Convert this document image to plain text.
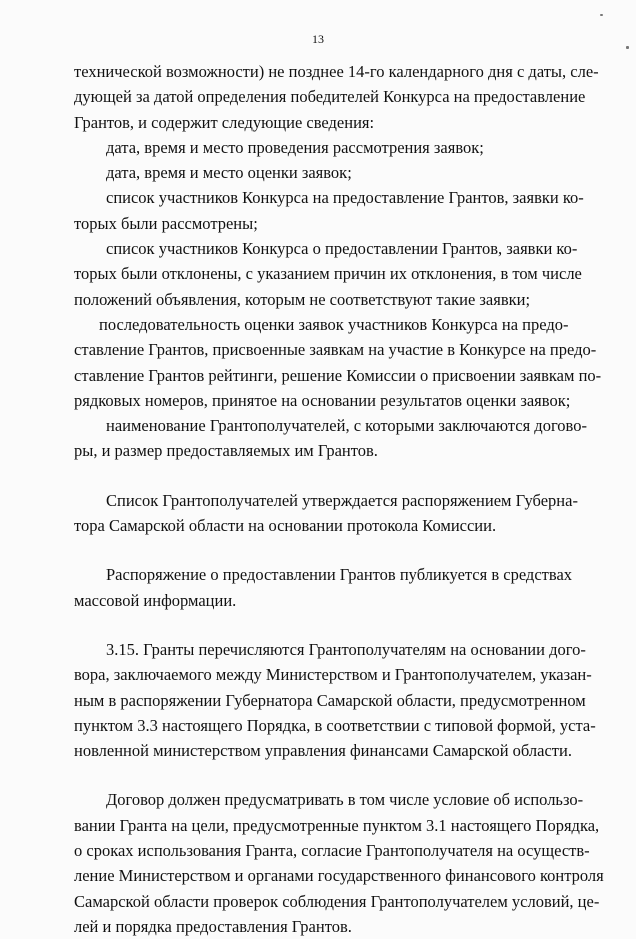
13
технической возможности) не позднее 14-го календарного дня с даты, сле-
дующей за датой определения победителей Конкурса на предоставление
Грантов, и содержит следующие сведения:
дата, время и место проведения рассмотрения заявок;
дата, время и место оценки заявок;
список участников Конкурса на предоставление Грантов, заявки ко-
торых были рассмотрены;
список участников Конкурса о предоставлении Грантов, заявки ко-
торых были отклонены, с указанием причин их отклонения, в том числе
положений объявления, которым не соответствуют такие заявки;
последовательность оценки заявок участников Конкурса на предо-
ставление Грантов, присвоенные заявкам на участие в Конкурсе на предо-
ставление Грантов рейтинги, решение Комиссии о присвоении заявкам по-
рядковых номеров, принятое на основании результатов оценки заявок;
наименование Грантополучателей, с которыми заключаются догово-
ры, и размер предоставляемых им Грантов.
Список Грантополучателей утверждается распоряжением Губерна-
тора Самарской области на основании протокола Комиссии.
Распоряжение о предоставлении Грантов публикуется в средствах
массовой информации.
3.15. Гранты перечисляются Грантополучателям на основании дого-
вора, заключаемого между Министерством и Грантополучателем, указан-
ным в распоряжении Губернатора Самарской области, предусмотренном
пунктом 3.3 настоящего Порядка, в соответствии с типовой формой, уста-
новленной министерством управления финансами Самарской области.
Договор должен предусматривать в том числе условие об использо-
вании Гранта на цели, предусмотренные пунктом 3.1 настоящего Порядка,
о сроках использования Гранта, согласие Грантополучателя на осуществ-
ление Министерством и органами государственного финансового контроля
Самарской области проверок соблюдения Грантополучателем условий, це-
лей и порядка предоставления Грантов.
